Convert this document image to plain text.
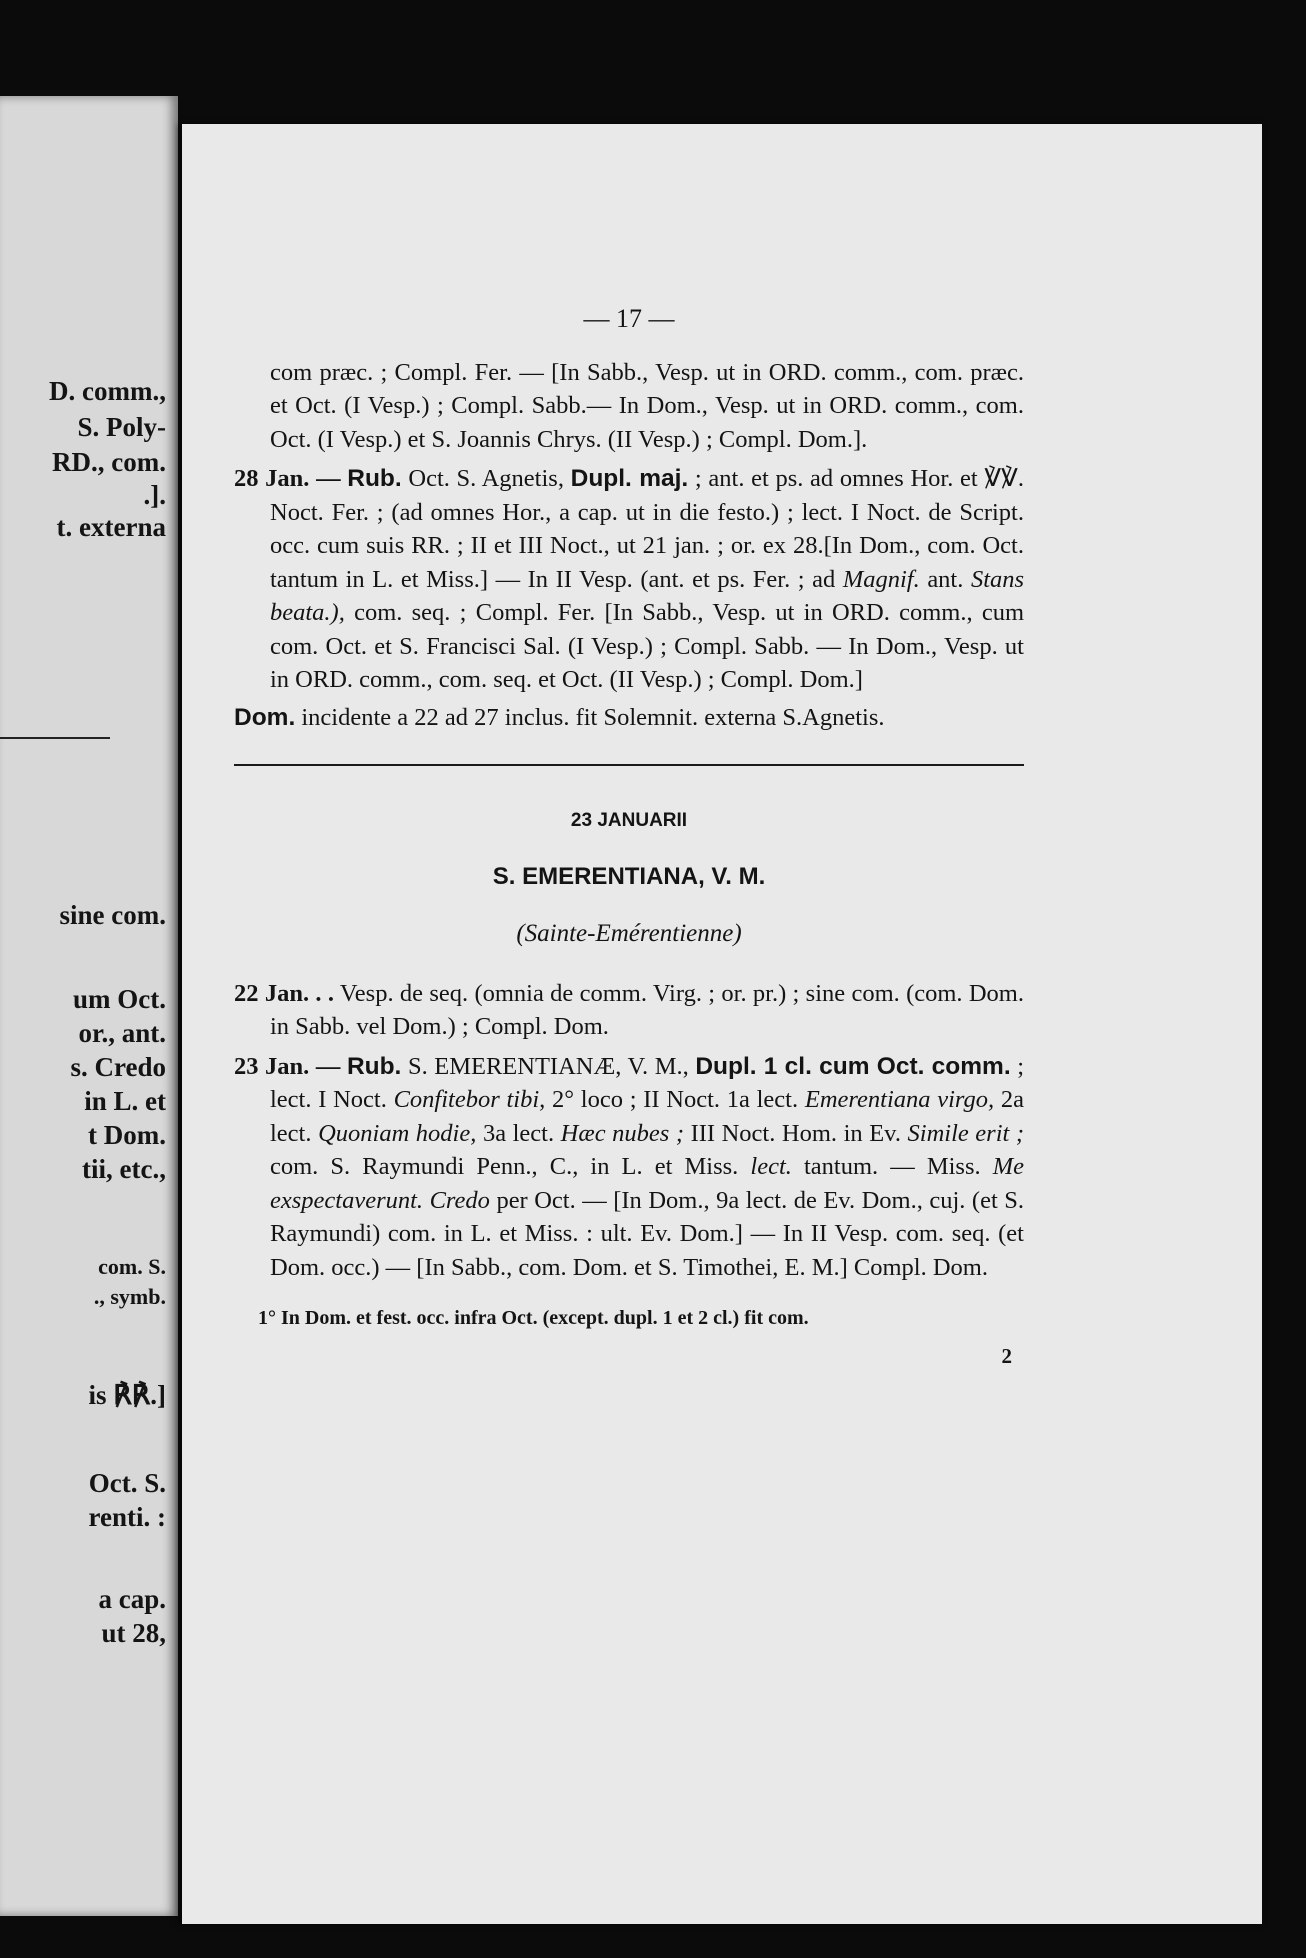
D. comm.,
S. Poly-
RD., com.
.].
t. externa
sine com.
um Oct.
or., ant.
s. Credo
in L. et
t Dom.
tii, etc.,
com. S.
., symb.
is ℟℟.]
Oct. S.
renti. :
a cap.
ut 28,
— 17 —

com præc. ; Compl. Fer. — [In Sabb., Vesp. ut in ORD. comm., com. præc. et Oct. (I Vesp.) ; Compl. Sabb.— In Dom., Vesp. ut in ORD. comm., com. Oct. (I Vesp.) et S. Joannis Chrys. (II Vesp.) ; Compl. Dom.].

28 Jan. — Rub. Oct. S. Agnetis, Dupl. maj. ; ant. et ps. ad omnes Hor. et ℣℣. Noct. Fer. ; (ad omnes Hor., a cap. ut in die festo.) ; lect. I Noct. de Script. occ. cum suis RR. ; II et III Noct., ut 21 jan. ; or. ex 28.[In Dom., com. Oct. tantum in L. et Miss.] — In II Vesp. (ant. et ps. Fer. ; ad Magnif. ant. Stans beata.), com. seq. ; Compl. Fer. [In Sabb., Vesp. ut in ORD. comm., cum com. Oct. et S. Francisci Sal. (I Vesp.) ; Compl. Sabb. — In Dom., Vesp. ut in ORD. comm., com. seq. et Oct. (II Vesp.) ; Compl. Dom.]
Dom. incidente a 22 ad 27 inclus. fit Solemnit. externa S.Agnetis.
23 JANUARII
S. EMERENTIANA, V. M.
(Sainte-Emérentienne)
22 Jan. . . Vesp. de seq. (omnia de comm. Virg. ; or. pr.) ; sine com. (com. Dom. in Sabb. vel Dom.) ; Compl. Dom.
23 Jan. — Rub. S. EMERENTIANÆ, V. M., Dupl. 1 cl. cum Oct. comm. ; lect. I Noct. Confitebor tibi, 2° loco ; II Noct. 1a lect. Emerentiana virgo, 2a lect. Quoniam hodie, 3a lect. Hæc nubes ; III Noct. Hom. in Ev. Simile erit ; com. S. Raymundi Penn., C., in L. et Miss. lect. tantum. — Miss. Me exspectaverunt. Credo per Oct. — [In Dom., 9a lect. de Ev. Dom., cuj. (et S. Raymundi) com. in L. et Miss. : ult. Ev. Dom.] — In II Vesp. com. seq. (et Dom. occ.) — [In Sabb., com. Dom. et S. Timothei, E. M.] Compl. Dom.
1° In Dom. et fest. occ. infra Oct. (except. dupl. 1 et 2 cl.) fit com.
2
